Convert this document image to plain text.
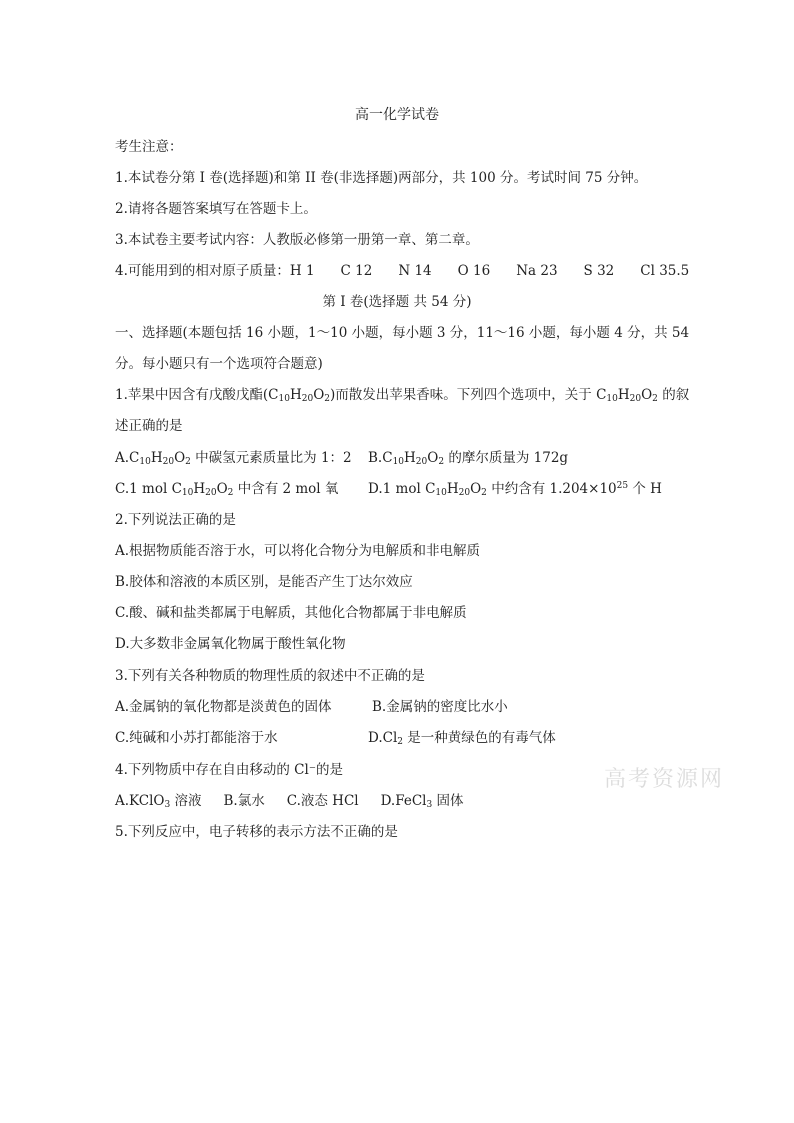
高一化学试卷
考生注意：
1.本试卷分第 I 卷(选择题)和第 II 卷(非选择题)两部分，共 100 分。考试时间 75 分钟。
2.请将各题答案填写在答题卡上。
3.本试卷主要考试内容：人教版必修第一册第一章、第二章。
4.可能用到的相对原子质量：H 1 C 12 N 14 O 16 Na 23 S 32 Cl 35.5
第 I 卷(选择题 共 54 分)
一、选择题(本题包括 16 小题，1～10 小题，每小题 3 分，11～16 小题，每小题 4 分，共 54
分。每小题只有一个选项符合题意)
1.苹果中因含有戊酸戊酯$(C_{10}H_{20}O_2)$而散发出苹果香味。下列四个选项中，关于 $C_{10}H_{20}O_2$ 的叙
述正确的是
$A.C_{10}H_{20}O_2$ 中碳氢元素质量比为 1：2 $B.C_{10}H_{20}O_2$ 的摩尔质量为 172g
C.1 mol $C_{10}H_{20}O_2$ 中含有 2 mol 氧 D.1 mol $C_{10}H_{20}O_2$ 中约含有 $1.204\times 10^{25}$ 个 H
2.下列说法正确的是
A.根据物质能否溶于水，可以将化合物分为电解质和非电解质
B.胶体和溶液的本质区别，是能否产生丁达尔效应
C.酸、碱和盐类都属于电解质，其他化合物都属于非电解质
D.大多数非金属氧化物属于酸性氧化物
3.下列有关各种物质的物理性质的叙述中不正确的是
A.金属钠的氧化物都是淡黄色的固体	B.金属钠的密度比水小
C.纯碱和小苏打都能溶于水	$D.Cl_2$ 是一种黄绿色的有毒气体
4.下列物质中存在自由移动的 Cl⁻的是
A.KClO$_3$ 溶液 B.氯水 C.液态 HCl D.FeCl$_3$ 固体
5.下列反应中，电子转移的表示方法不正确的是
高考资源网
